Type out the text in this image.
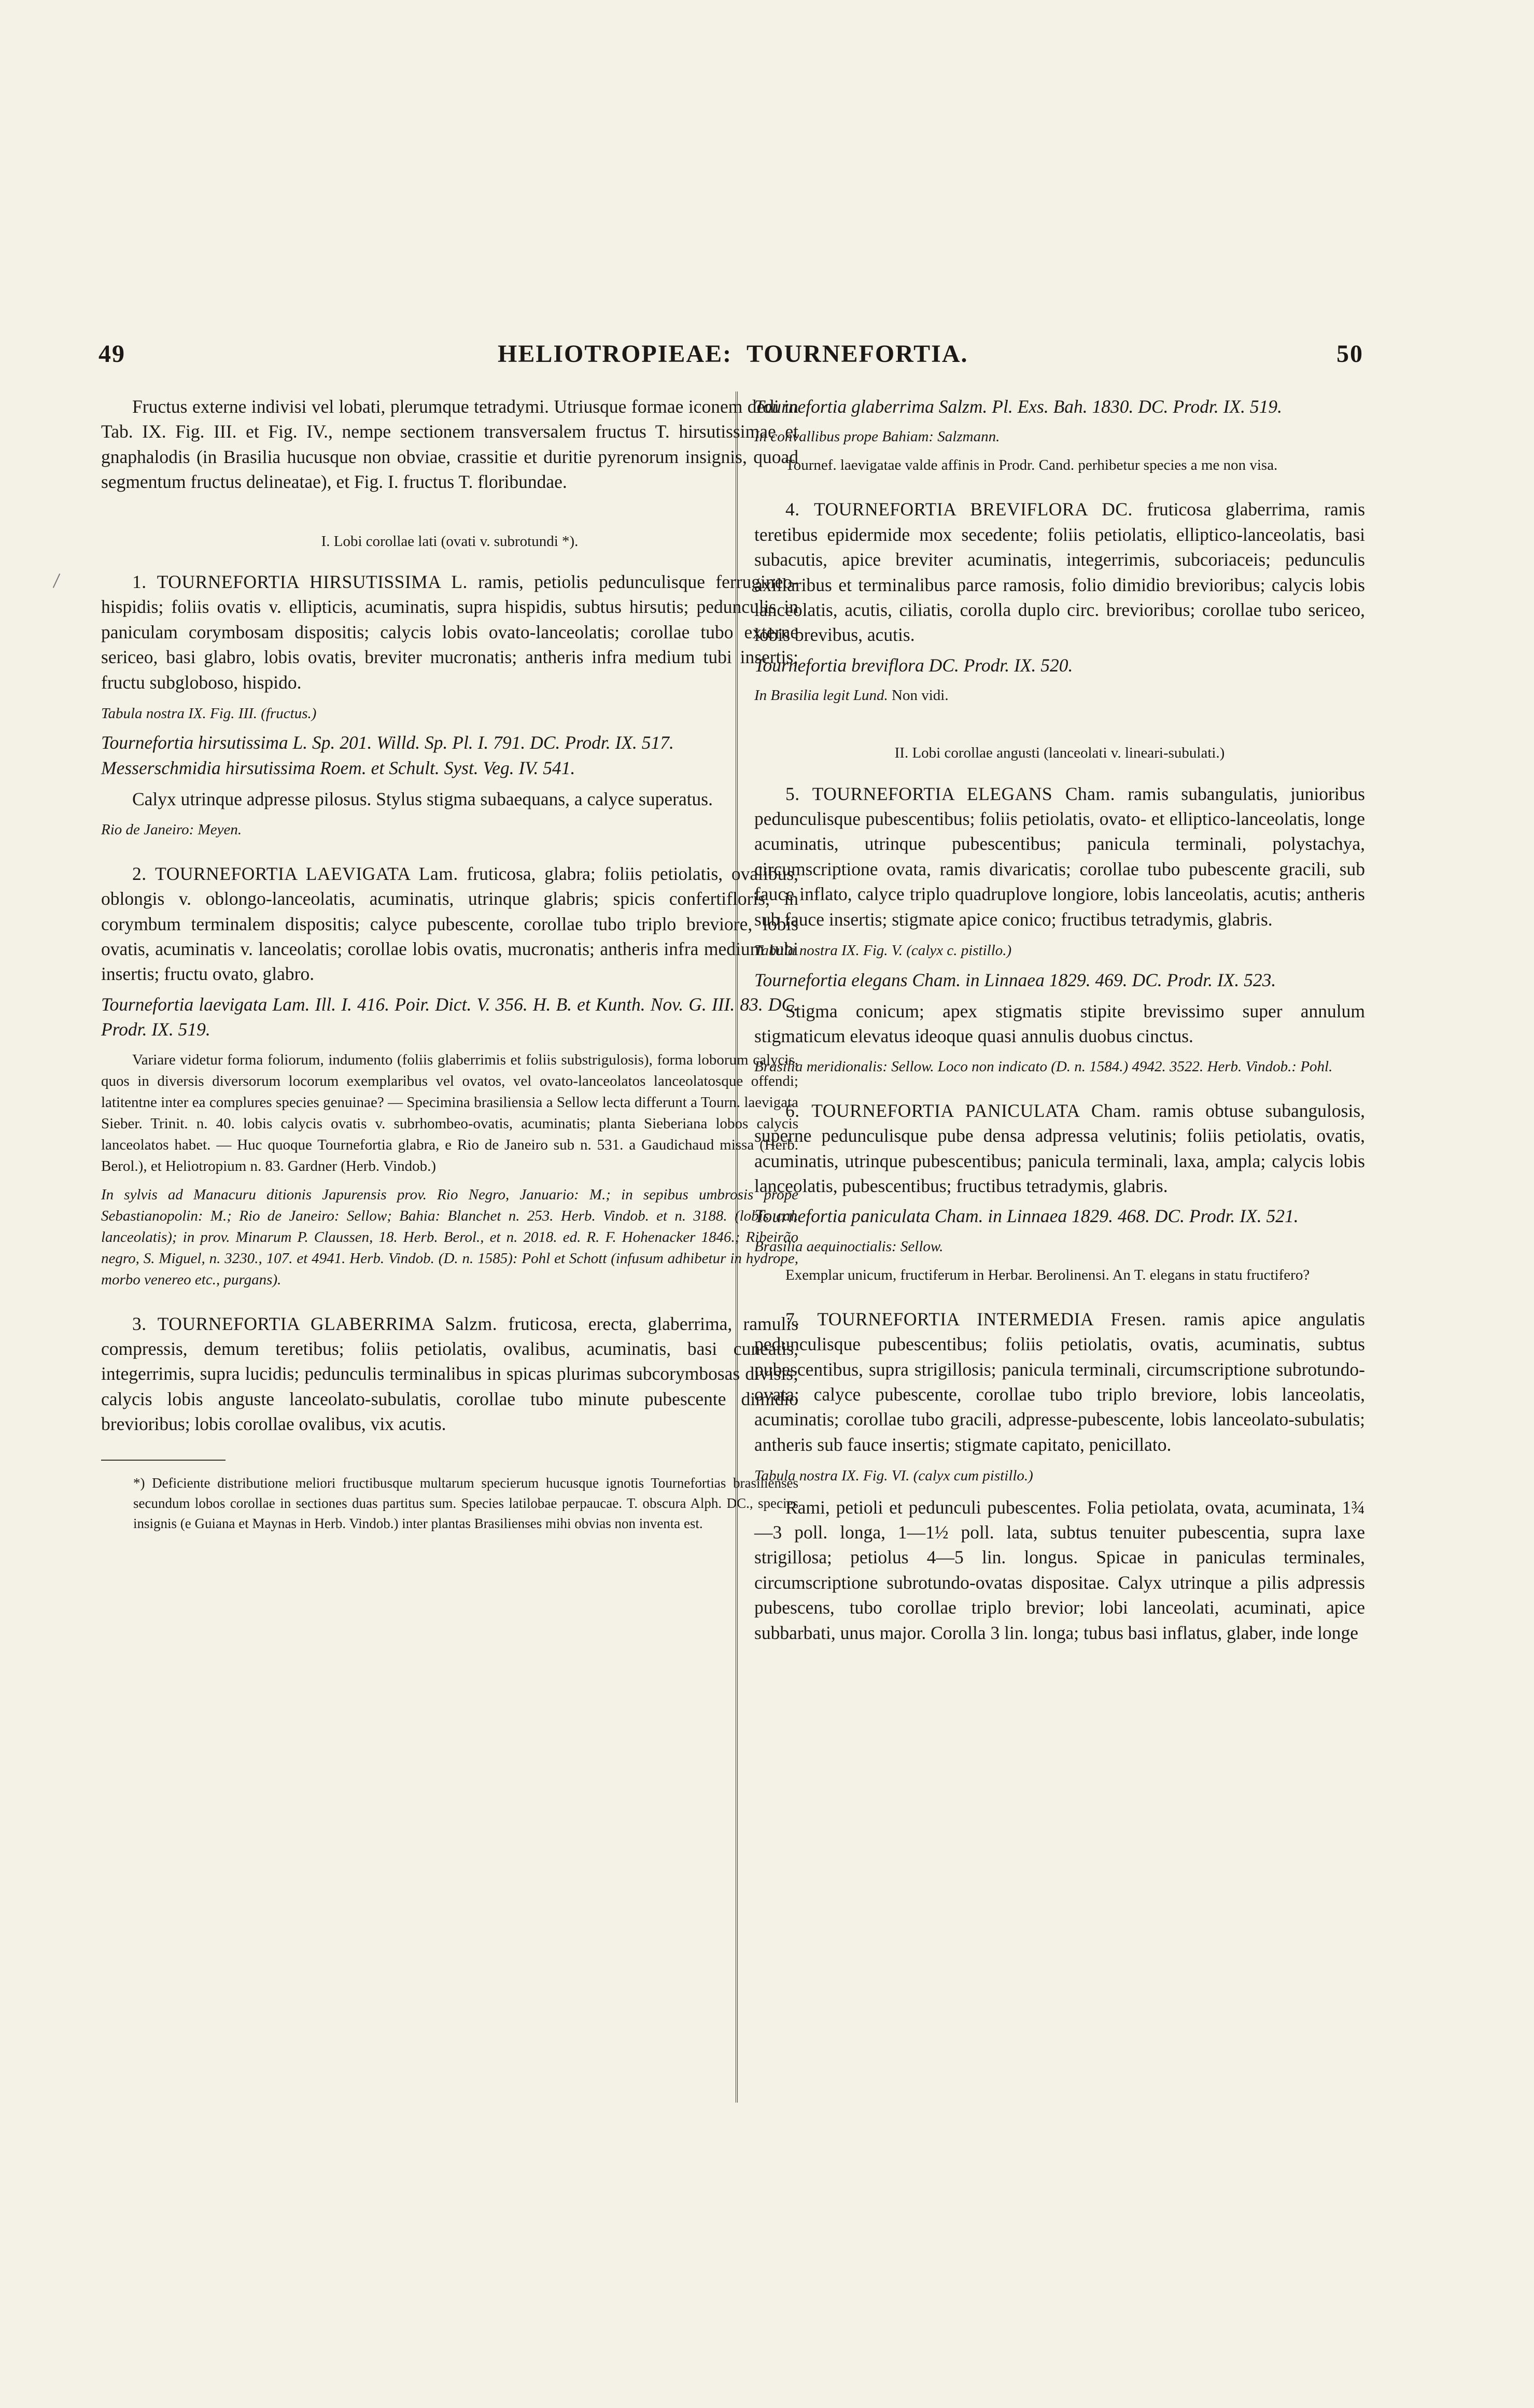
49	HELIOTROPIEAE: TOURNEFORTIA.	50

Fructus externe indivisi vel lobati, plerumque tetradymi. Utriusque formae iconem dedi in Tab. IX. Fig. III. et Fig. IV., nempe sectionem transversalem fructus T. hirsutissimae et gnaphalodis (in Brasilia hucusque non obviae, crassitie et duritie pyrenorum insignis, quoad segmentum fructus delineatae), et Fig. I. fructus T. floribundae.

I. Lobi corollae lati (ovati v. subrotundi *).

1. TOURNEFORTIA HIRSUTISSIMA L. ramis, petiolis pedunculisque ferrugineo-hispidis; foliis ovatis v. ellipticis, acuminatis, supra hispidis, subtus hirsutis; pedunculis in paniculam corymbosam dispositis; calycis lobis ovato-lanceolatis; corollae tubo externe sericeo, basi glabro, lobis ovatis, breviter mucronatis; antheris infra medium tubi insertis; fructu subgloboso, hispido.

Tabula nostra IX. Fig. III. (fructus.)

Tournefortia hirsutissima L. Sp. 201. Willd. Sp. Pl. I. 791. DC. Prodr. IX. 517.

Messerschmidia hirsutissima Roem. et Schult. Syst. Veg. IV. 541.

Calyx utrinque adpresse pilosus. Stylus stigma subaequans, a calyce superatus.

Rio de Janeiro: Meyen.

2. TOURNEFORTIA LAEVIGATA Lam. fruticosa, glabra; foliis petiolatis, ovalibus, oblongis v. oblongo-lanceolatis, acuminatis, utrinque glabris; spicis confertifloris, in corymbum terminalem dispositis; calyce pubescente, corollae tubo triplo breviore, lobis ovatis, acuminatis v. lanceolatis; corollae lobis ovatis, mucronatis; antheris infra medium tubi insertis; fructu ovato, glabro.

Tournefortia laevigata Lam. Ill. I. 416. Poir. Dict. V. 356. H. B. et Kunth. Nov. G. III. 83. DC. Prodr. IX. 519.

Variare videtur forma foliorum, indumento (foliis glaberrimis et foliis substrigulosis), forma loborum calycis, quos in diversis diversorum locorum exemplaribus vel ovatos, vel ovato-lanceolatos lanceolatosque offendi; latitentne inter ea complures species genuinae? — Specimina brasiliensia a Sellow lecta differunt a Tourn. laevigata Sieber. Trinit. n. 40. lobis calycis ovatis v. subrhombeo-ovatis, acuminatis; planta Sieberiana lobos calycis lanceolatos habet. — Huc quoque Tournefortia glabra, e Rio de Janeiro sub n. 531. a Gaudichaud missa (Herb. Berol.), et Heliotropium n. 83. Gardner (Herb. Vindob.)

In sylvis ad Manacuru ditionis Japurensis prov. Rio Negro, Januario: M.; in sepibus umbrosis prope Sebastianopolin: M.; Rio de Janeiro: Sellow; Bahia: Blanchet n. 253. Herb. Vindob. et n. 3188. (lobis cal. lanceolatis); in prov. Minarum P. Claussen, 18. Herb. Berol., et n. 2018. ed. R. F. Hohenacker 1846.; Ribeirão negro, S. Miguel, n. 3230., 107. et 4941. Herb. Vindob. (D. n. 1585): Pohl et Schott (infusum adhibetur in hydrope, morbo venereo etc., purgans).

3. TOURNEFORTIA GLABERRIMA Salzm. fruticosa, erecta, glaberrima, ramulis compressis, demum teretibus; foliis petiolatis, ovalibus, acuminatis, basi cuneatis, integerrimis, supra lucidis; pedunculis terminalibus in spicas plurimas subcorymbosas divisis; calycis lobis anguste lanceolato-subulatis, corollae tubo minute pubescente dimidio brevioribus; lobis corollae ovalibus, vix acutis.

*) Deficiente distributione meliori fructibusque multarum specierum hucusque ignotis Tournefortias brasilienses secundum lobos corollae in sectiones duas partitus sum. Species latilobae perpaucae. T. obscura Alph. DC., species insignis (e Guiana et Maynas in Herb. Vindob.) inter plantas Brasilienses mihi obvias non inventa est.

Tournefortia glaberrima Salzm. Pl. Exs. Bah. 1830. DC. Prodr. IX. 519.

In convallibus prope Bahiam: Salzmann.

Tournef. laevigatae valde affinis in Prodr. Cand. perhibetur species a me non visa.

4. TOURNEFORTIA BREVIFLORA DC. fruticosa glaberrima, ramis teretibus epidermide mox secedente; foliis petiolatis, elliptico-lanceolatis, basi subacutis, apice breviter acuminatis, integerrimis, subcoriaceis; pedunculis axillaribus et terminalibus parce ramosis, folio dimidio brevioribus; calycis lobis lanceolatis, acutis, ciliatis, corolla duplo circ. brevioribus; corollae tubo sericeo, lobis brevibus, acutis.

Tournefortia breviflora DC. Prodr. IX. 520.

In Brasilia legit Lund. Non vidi.

II. Lobi corollae angusti (lanceolati v. lineari-subulati.)

5. TOURNEFORTIA ELEGANS Cham. ramis subangulatis, junioribus pedunculisque pubescentibus; foliis petiolatis, ovato- et elliptico-lanceolatis, longe acuminatis, utrinque pubescentibus; panicula terminali, polystachya, circumscriptione ovata, ramis divaricatis; corollae tubo pubescente gracili, sub fauce inflato, calyce triplo quadruplove longiore, lobis lanceolatis, acutis; antheris sub fauce insertis; stigmate apice conico; fructibus tetradymis, glabris.

Tabula nostra IX. Fig. V. (calyx c. pistillo.)

Tournefortia elegans Cham. in Linnaea 1829. 469. DC. Prodr. IX. 523.

Stigma conicum; apex stigmatis stipite brevissimo super annulum stigmaticum elevatus ideoque quasi annulis duobus cinctus.

Brasilia meridionalis: Sellow. Loco non indicato (D. n. 1584.) 4942. 3522. Herb. Vindob.: Pohl.

6. TOURNEFORTIA PANICULATA Cham. ramis obtuse subangulosis, superne pedunculisque pube densa adpressa velutinis; foliis petiolatis, ovatis, acuminatis, utrinque pubescentibus; panicula terminali, laxa, ampla; calycis lobis lanceolatis, pubescentibus; fructibus tetradymis, glabris.

Tournefortia paniculata Cham. in Linnaea 1829. 468. DC. Prodr. IX. 521.

Brasilia aequinoctialis: Sellow.

Exemplar unicum, fructiferum in Herbar. Berolinensi. An T. elegans in statu fructifero?

7. TOURNEFORTIA INTERMEDIA Fresen. ramis apice angulatis pedunculisque pubescentibus; foliis petiolatis, ovatis, acuminatis, subtus pubescentibus, supra strigillosis; panicula terminali, circumscriptione subrotundo-ovata; calyce pubescente, corollae tubo triplo breviore, lobis lanceolatis, acuminatis; corollae tubo gracili, adpresse-pubescente, lobis lanceolato-subulatis; antheris sub fauce insertis; stigmate capitato, penicillato.

Tabula nostra IX. Fig. VI. (calyx cum pistillo.)

Rami, petioli et pedunculi pubescentes. Folia petiolata, ovata, acuminata, 1¾—3 poll. longa, 1—1½ poll. lata, subtus tenuiter pubescentia, supra laxe strigillosa; petiolus 4—5 lin. longus. Spicae in paniculas terminales, circumscriptione subrotundo-ovatas dispositae. Calyx utrinque a pilis adpressis pubescens, tubo corollae triplo brevior; lobi lanceolati, acuminati, apice subbarbati, unus major. Corolla 3 lin. longa; tubus basi inflatus, glaber, inde longe
